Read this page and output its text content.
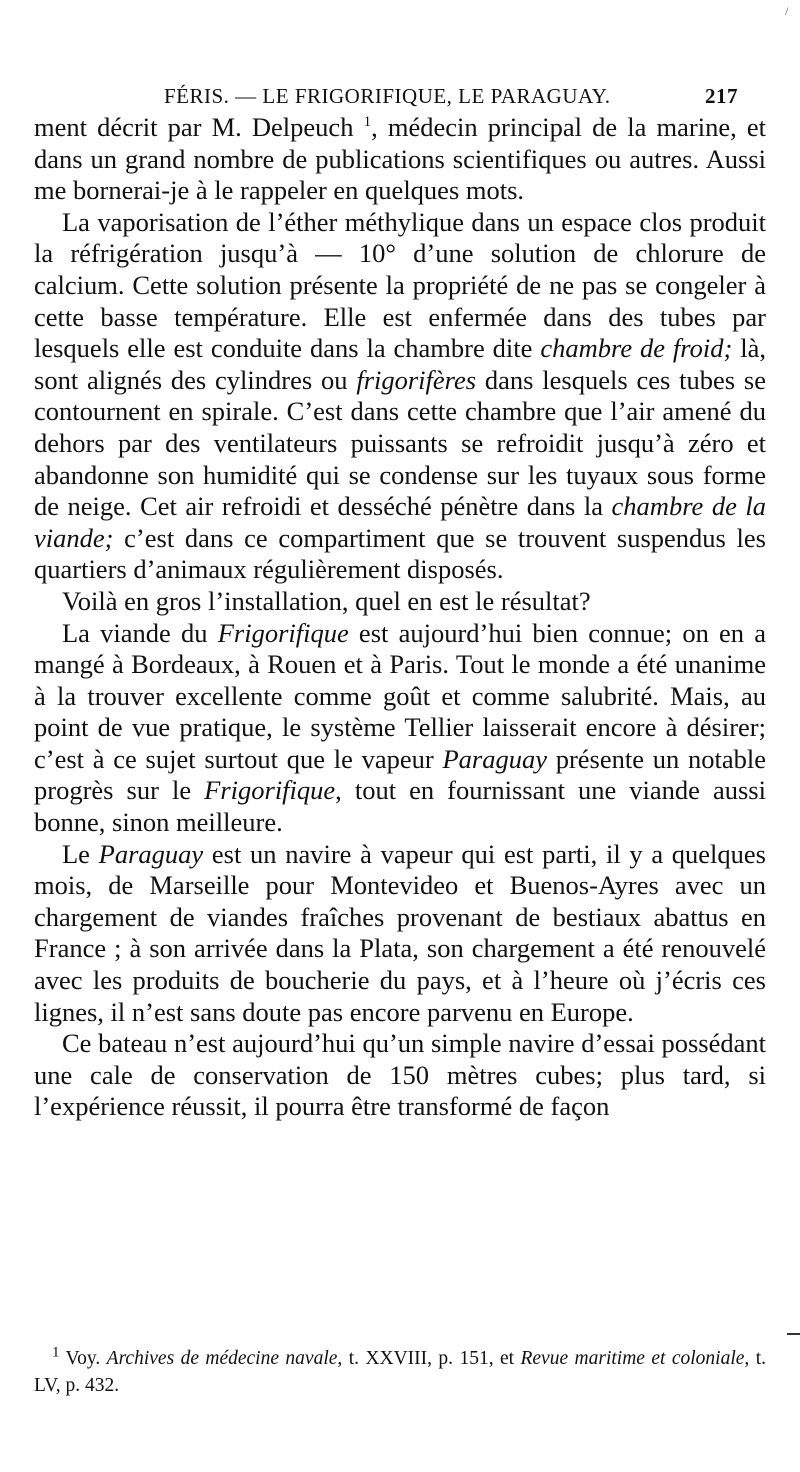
/
FÉRIS. — LE FRIGORIFIQUE, LE PARAGUAY.	217

ment décrit par M. Delpeuch $^1$, médecin principal de la marine, et dans un grand nombre de publications scientifiques ou autres. Aussi me bornerai-je à le rappeler en quelques mots.

La vaporisation de l’éther méthylique dans un espace clos produit la réfrigération jusqu’à — 10° d’une solution de chlorure de calcium. Cette solution présente la propriété de ne pas se congeler à cette basse température. Elle est enfermée dans des tubes par lesquels elle est conduite dans la chambre dite chambre de froid; là, sont alignés des cylindres ou frigorifères dans lesquels ces tubes se contournent en spirale. C’est dans cette chambre que l’air amené du dehors par des ventilateurs puissants se refroidit jusqu’à zéro et abandonne son humidité qui se condense sur les tuyaux sous forme de neige. Cet air refroidi et desséché pénètre dans la chambre de la viande; c’est dans ce compartiment que se trouvent suspendus les quartiers d’animaux régulièrement disposés.

Voilà en gros l’installation, quel en est le résultat?

La viande du Frigorifique est aujourd’hui bien connue; on en a mangé à Bordeaux, à Rouen et à Paris. Tout le monde a été unanime à la trouver excellente comme goût et comme salubrité. Mais, au point de vue pratique, le système Tellier laisserait encore à désirer; c’est à ce sujet surtout que le vapeur Paraguay présente un notable progrès sur le Frigorifique, tout en fournissant une viande aussi bonne, sinon meilleure.

Le Paraguay est un navire à vapeur qui est parti, il y a quelques mois, de Marseille pour Montevideo et Buenos-Ayres avec un chargement de viandes fraîches provenant de bestiaux abattus en France ; à son arrivée dans la Plata, son chargement a été renouvelé avec les produits de boucherie du pays, et à l’heure où j’écris ces lignes, il n’est sans doute pas encore parvenu en Europe.

Ce bateau n’est aujourd’hui qu’un simple navire d’essai possédant une cale de conservation de 150 mètres cubes; plus tard, si l’expérience réussit, il pourra être transformé de façon

$^1$ Voy. Archives de médecine navale, t. XXVIII, p. 151, et Revue maritime et coloniale, t. LV, p. 432.
